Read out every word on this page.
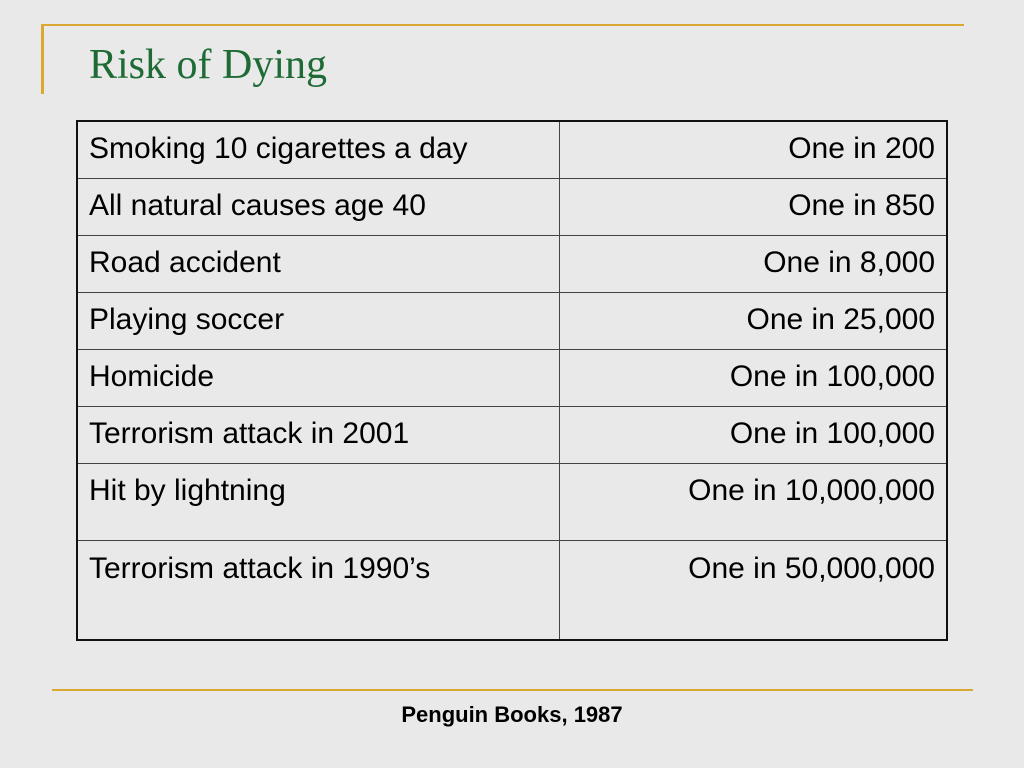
Risk of Dying
Smoking 10 cigarettes a day	One in 200
All natural causes age 40	One in 850
Road accident	One in 8,000
Playing soccer	One in 25,000
Homicide	One in 100,000
Terrorism attack in 2001	One in 100,000
Hit by lightning	One in 10,000,000
Terrorism attack in 1990’s	One in 50,000,000
Penguin Books, 1987
